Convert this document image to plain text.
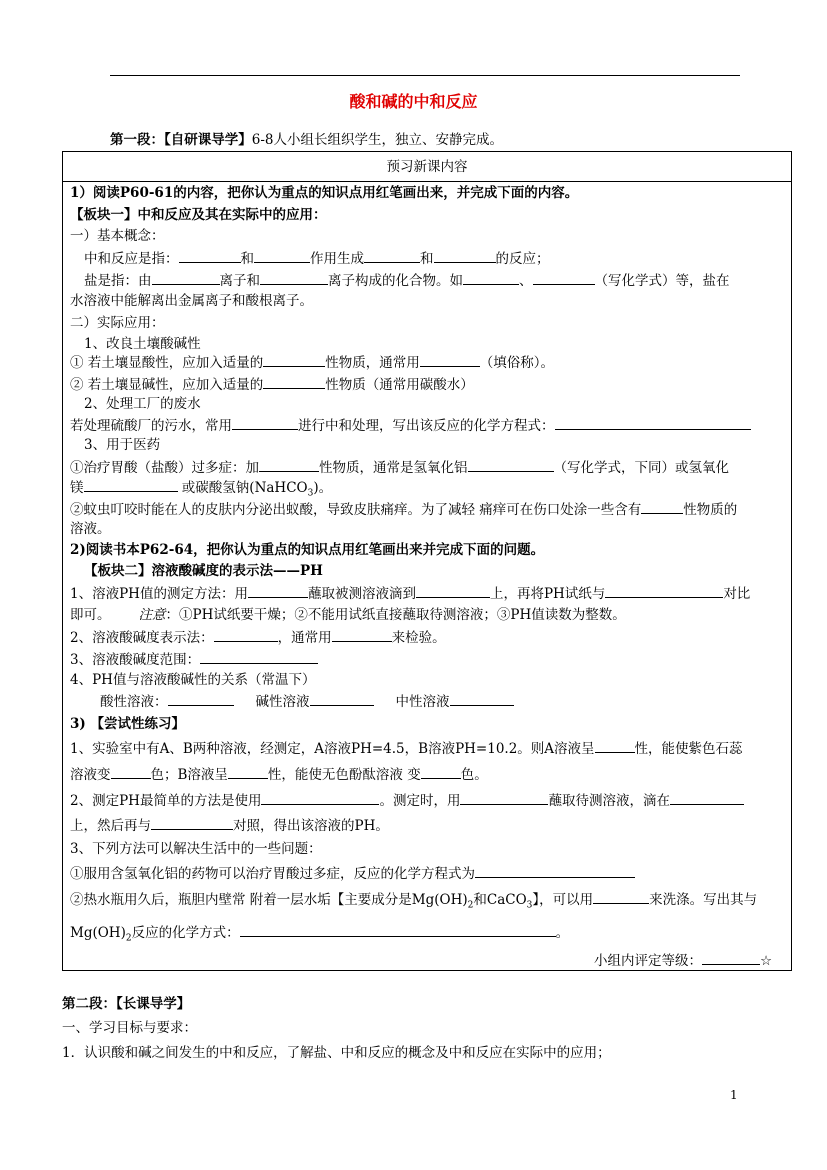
酸和碱的中和反应
第一段：【自研课导学】6-8人小组长组织学生，独立、安静完成。
预习新课内容
1）阅读P60-61的内容，把你认为重点的知识点用红笔画出来，并完成下面的内容。
【板块一】中和反应及其在实际中的应用：
一）基本概念：
中和反应是指：	和	作用生成	和	的反应；
盐是指：由	离子和	离子构成的化合物。如	、	（写化学式）等，盐在
水溶液中能解离出金属离子和酸根离子。
二）实际应用：
1、改良土壤酸碱性
① 若土壤显酸性，应加入适量的	性物质，通常用	（填俗称）。
② 若土壤显碱性，应加入适量的	性物质（通常用碳酸水）
2、处理工厂的废水
若处理硫酸厂的污水，常用	进行中和处理，写出该反应的化学方程式：
3、用于医药
①治疗胃酸（盐酸）过多症：加	性物质，通常是氢氧化铝	（写化学式，下同）或氢氧化
镁	或碳酸氢钠(NaHCO$_3$)。
②蚊虫叮咬时能在人的皮肤内分泌出蚁酸，导致皮肤痛痒。为了减轻 痛痒可在伤口处涂一些含有	性物质的
溶液。
2)阅读书本P62-64，把你认为重点的知识点用红笔画出来并完成下面的问题。
【板块二】溶液酸碱度的表示法——PH
1、溶液PH值的测定方法：用	蘸取被测溶液滴到	上，再将PH试纸与	对比
即可。 注意：①PH试纸要干燥；②不能用试纸直接蘸取待测溶液；③PH值读数为整数。
2、溶液酸碱度表示法：	，通常用	来检验。
3、溶液酸碱度范围：
4、PH值与溶液酸碱性的关系（常温下）
酸性溶液：	碱性溶液	中性溶液
3) 【尝试性练习】
1、实验室中有A、B两种溶液，经测定，A溶液PH=4.5，B溶液PH=10.2。则A溶液呈	性，能使紫色石蕊
溶液变	色；B溶液呈	性，能使无色酚酞溶液 变	色。
2、测定PH最简单的方法是使用	。测定时，用	蘸取待测溶液，滴在
上，然后再与	对照，得出该溶液的PH。
3、下列方法可以解决生活中的一些问题：
①服用含氢氧化铝的药物可以治疗胃酸过多症，反应的化学方程式为
②热水瓶用久后，瓶胆内壁常 附着一层水垢【主要成分是$Mg(OH)_2$和CaCO$_3$】，可以用	来洗涤。写出其与
$Mg(OH)_2$反应的化学方式：	。
小组内评定等级：	☆
第二段：【长课导学】
一、学习目标与要求：
1．认识酸和碱之间发生的中和反应，了解盐、中和反应的概念及中和反应在实际中的应用；
1
